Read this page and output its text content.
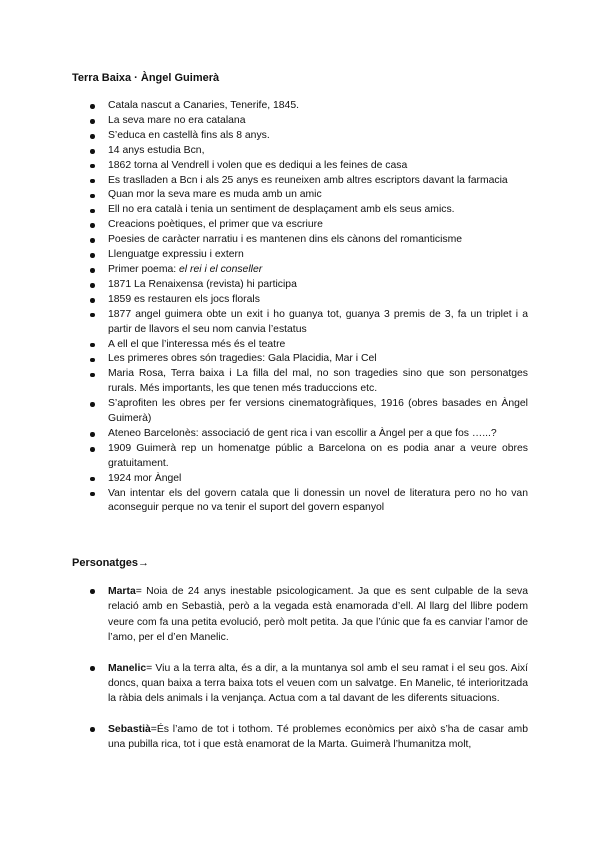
Terra Baixa · Àngel Guimerà
Catala nascut a Canaries, Tenerife, 1845.
La seva mare no era catalana
S’educa en castellà fins als 8 anys.
14 anys estudia Bcn,
1862 torna al Vendrell i volen que es dediqui a les feines de casa
Es traslladen a Bcn i als 25 anys es reuneixen amb altres escriptors davant la farmacia
Quan mor la seva mare es muda amb un amic
Ell no era català i tenia un sentiment de desplaçament amb els seus amics.
Creacions poètiques, el primer que va escriure
Poesies de caràcter narratiu i es mantenen dins els cànons del romanticisme
Llenguatge expressiu i extern
Primer poema: el rei i el conseller
1871 La Renaixensa (revista) hi participa
1859 es restauren els jocs florals
1877 angel guimera obte un exit i ho guanya tot, guanya 3 premis de 3, fa un triplet i a partir de llavors el seu nom canvia l’estatus
A ell el que l’interessa més és el teatre
Les primeres obres són tragedies: Gala Placidia, Mar i Cel
Maria Rosa, Terra baixa i La filla del mal, no son tragedies sino que son personatges rurals. Més importants, les que tenen més traduccions etc.
S’aprofiten les obres per fer versions cinematogràfiques, 1916 (obres basades en Àngel Guimerà)
Ateneo Barcelonès: associació de gent rica i van escollir a Àngel per a que fos …...?
1909 Guimerà rep un homenatge públic a Barcelona on es podia anar a veure obres gratuitament.
1924 mor Àngel
Van intentar els del govern catala que li donessin un novel de literatura pero no ho van aconseguir perque no va tenir el suport del govern espanyol
Personatges→
Marta= Noia de 24 anys inestable psicologicament. Ja que es sent culpable de la seva relació amb en Sebastià, però a la vegada està enamorada d’ell. Al llarg del llibre podem veure com fa una petita evolució, però molt petita. Ja que l’únic que fa es canviar l’amor de l’amo, per el d’en Manelic.
Manelic= Viu a la terra alta, és a dir, a la muntanya sol amb el seu ramat i el seu gos. Així doncs, quan baixa a terra baixa tots el veuen com un salvatge. En Manelic, té interioritzada la ràbia dels animals i la venjança. Actua com a tal davant de les diferents situacions.
Sebastià=És l’amo de tot i tothom. Té problemes econòmics per això s’ha de casar amb una pubilla rica, tot i que està enamorat de la Marta. Guimerà l’humanitza molt,
